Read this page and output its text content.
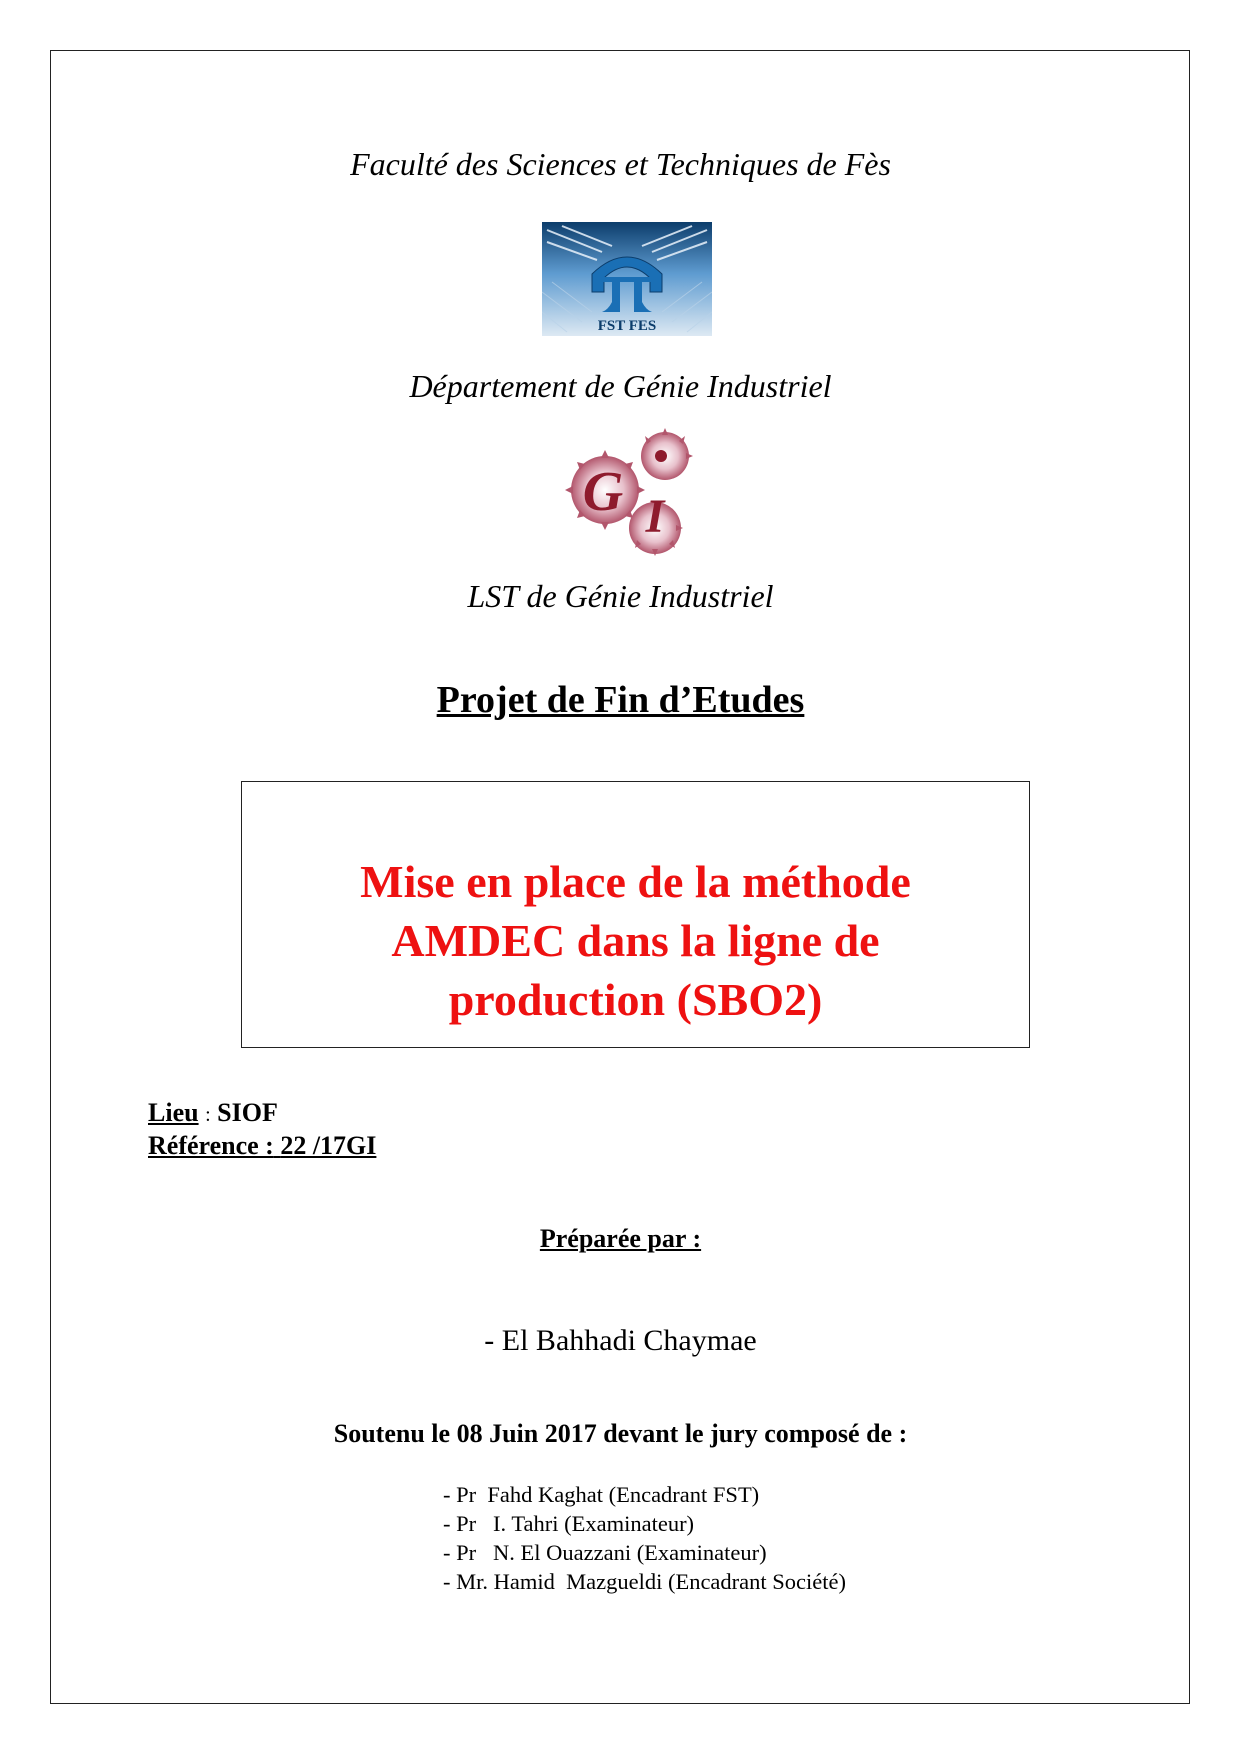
Faculté des Sciences et Techniques de Fès
FST FES
Département de Génie Industriel
G I
LST de Génie Industriel
Projet de Fin d’Etudes
Mise en place de la méthode
AMDEC dans la ligne de
production (SBO2)
Lieu : SIOF
Référence : 22 /17GI
Préparée par :
- El Bahhadi Chaymae
Soutenu le 08 Juin 2017 devant le jury composé de :
- Pr  Fahd Kaghat (Encadrant FST)
- Pr   I. Tahri (Examinateur)
- Pr   N. El Ouazzani (Examinateur)
- Mr. Hamid  Mazgueldi (Encadrant Société)
